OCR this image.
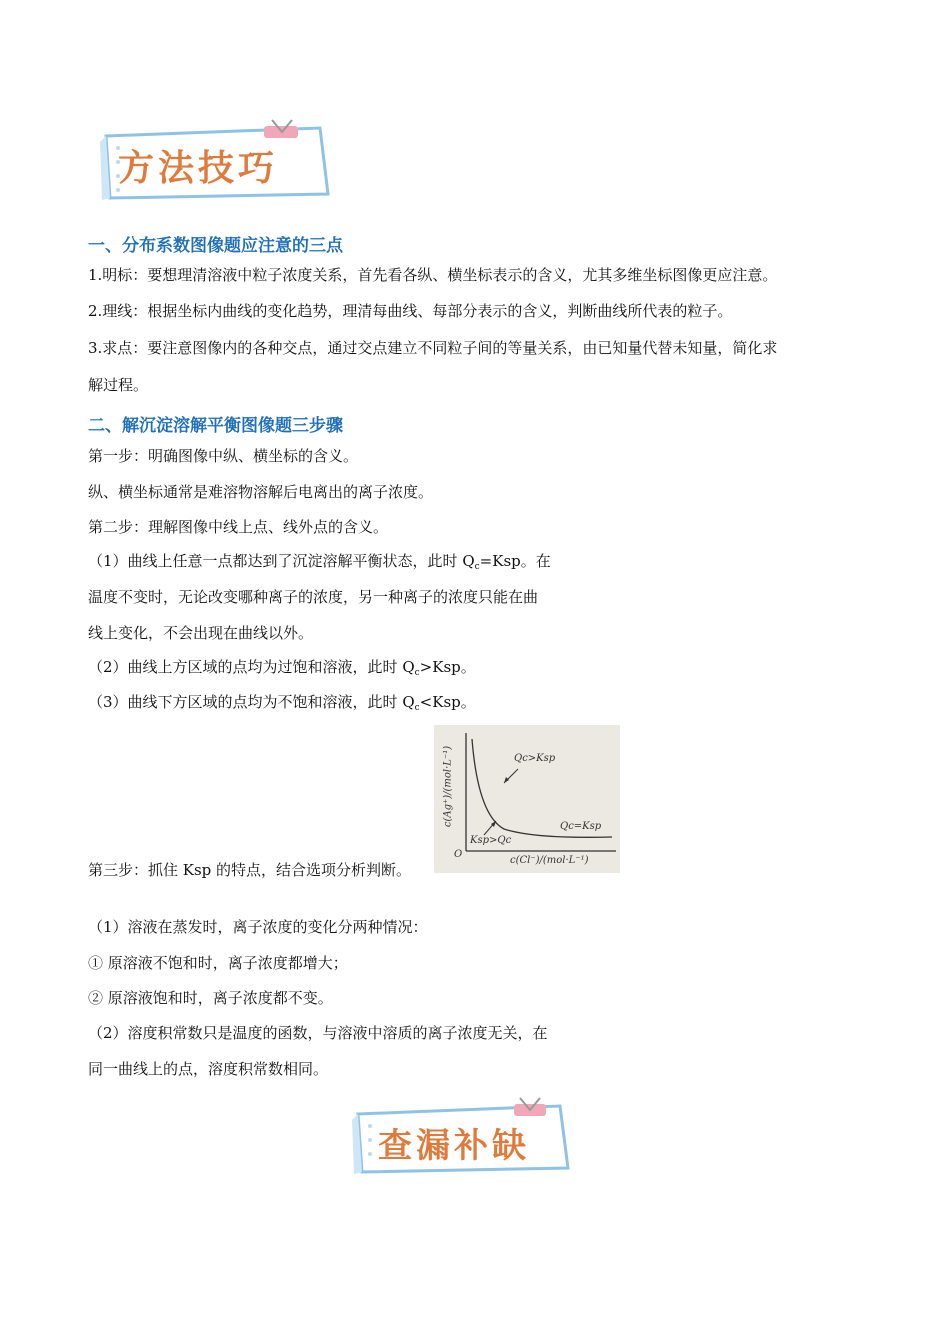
方法技巧
一、分布系数图像题应注意的三点
1.明标：要想理清溶液中粒子浓度关系，首先看各纵、横坐标表示的含义，尤其多维坐标图像更应注意。
2.理线：根据坐标内曲线的变化趋势，理清每曲线、每部分表示的含义，判断曲线所代表的粒子。
3.求点：要注意图像内的各种交点，通过交点建立不同粒子间的等量关系，由已知量代替未知量，简化求
解过程。
二、解沉淀溶解平衡图像题三步骤
第一步：明确图像中纵、横坐标的含义。
纵、横坐标通常是难溶物溶解后电离出的离子浓度。
第二步：理解图像中线上点、线外点的含义。
（1）曲线上任意一点都达到了沉淀溶解平衡状态，此时 $Q_c=Ksp$。在
温度不变时，无论改变哪种离子的浓度，另一种离子的浓度只能在曲
线上变化，不会出现在曲线以外。
（2）曲线上方区域的点均为过饱和溶液，此时 $Q_c>Ksp$。
（3）曲线下方区域的点均为不饱和溶液，此时 $Q_c<Ksp$。
c(Ag⁺)/(mol·L⁻¹)	Qc>Ksp
Qc=Ksp
Ksp>Qc
O
c(Cl⁻)/(mol·L⁻¹)
第三步：抓住 Ksp 的特点，结合选项分析判断。
（1）溶液在蒸发时，离子浓度的变化分两种情况：
① 原溶液不饱和时，离子浓度都增大；
② 原溶液饱和时，离子浓度都不变。
（2）溶度积常数只是温度的函数，与溶液中溶质的离子浓度无关，在
同一曲线上的点，溶度积常数相同。
查漏补缺
